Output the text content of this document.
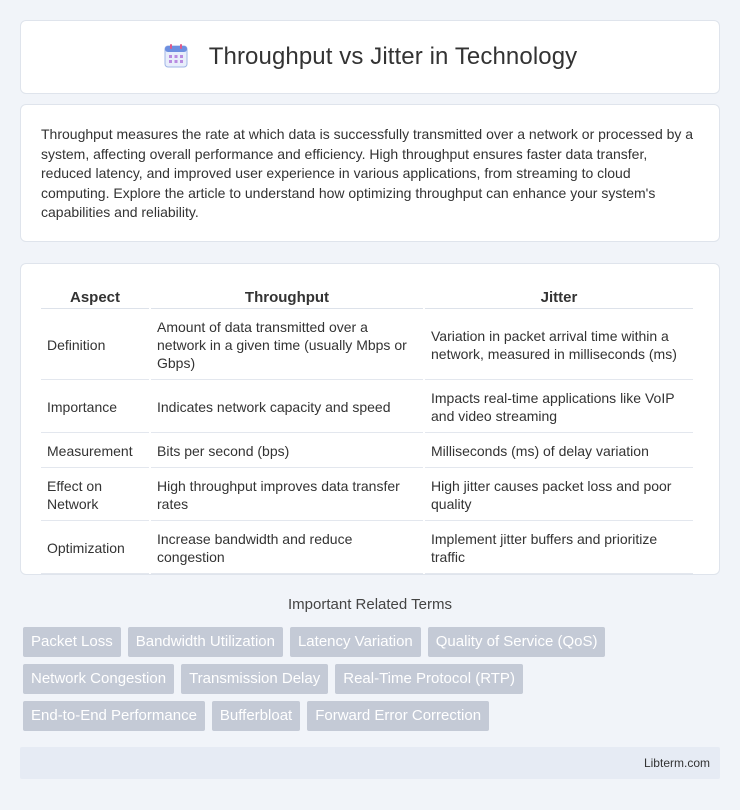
Throughput vs Jitter in Technology

Throughput measures the rate at which data is successfully transmitted over a network or processed by a system, affecting overall performance and efficiency. High throughput ensures faster data transfer, reduced latency, and improved user experience in various applications, from streaming to cloud computing. Explore the article to understand how optimizing throughput can enhance your system's capabilities and reliability.

Aspect	Throughput	Jitter
Definition	Amount of data transmitted over a network in a given time (usually Mbps or Gbps)	Variation in packet arrival time within a network, measured in milliseconds (ms)
Importance	Indicates network capacity and speed	Impacts real-time applications like VoIP and video streaming
Measurement	Bits per second (bps)	Milliseconds (ms) of delay variation
Effect on Network	High throughput improves data transfer rates	High jitter causes packet loss and poor quality
Optimization	Increase bandwidth and reduce congestion	Implement jitter buffers and prioritize traffic
Important Related Terms
Packet Loss	Bandwidth Utilization	Latency Variation	Quality of Service (QoS)
Network Congestion	Transmission Delay	Real-Time Protocol (RTP)
End-to-End Performance	Bufferbloat	Forward Error Correction
Libterm.com
